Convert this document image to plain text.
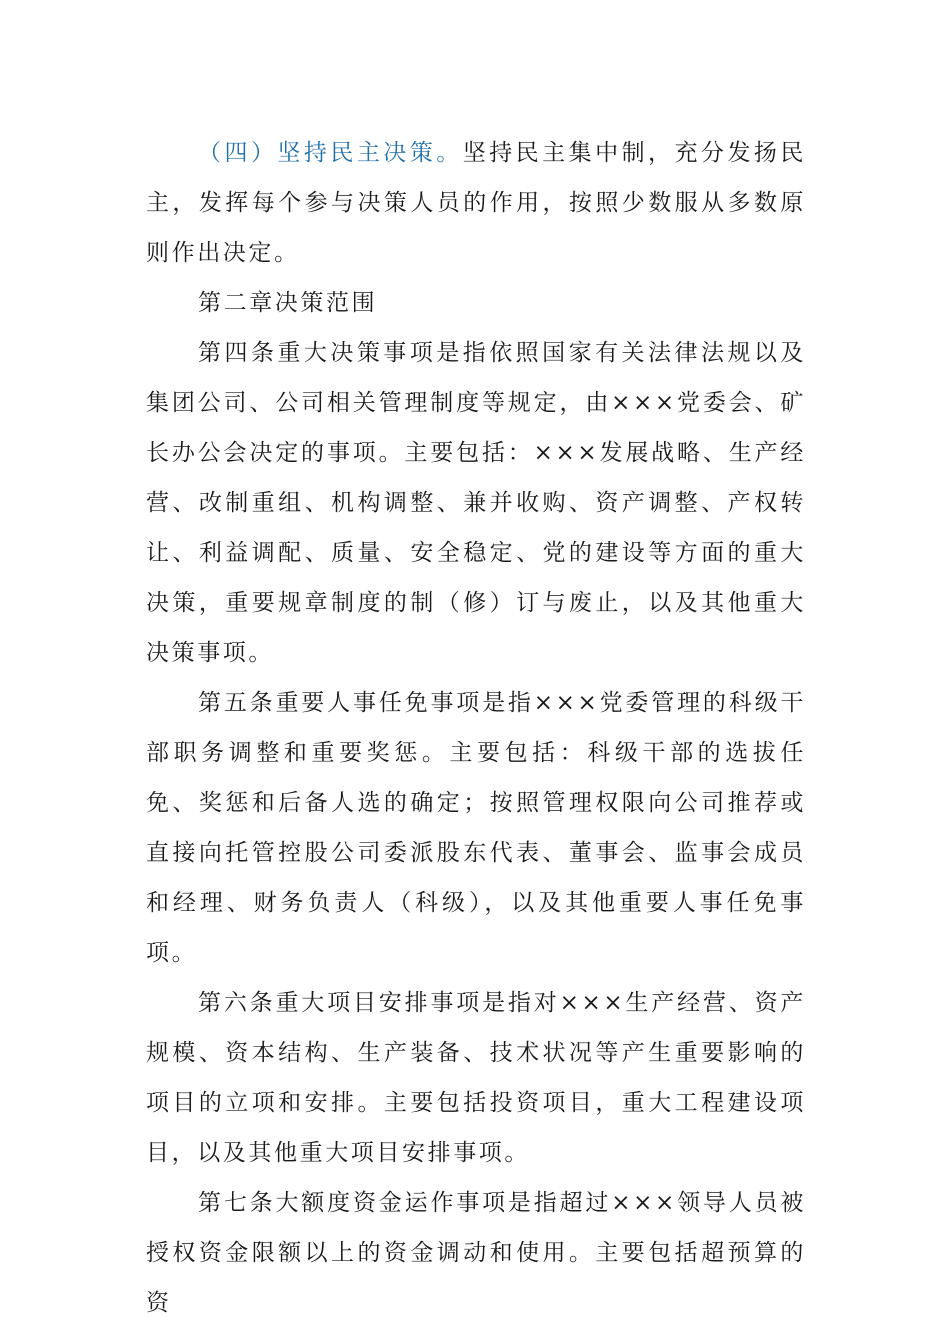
（四）坚持民主决策。坚持民主集中制，充分发扬民主，发挥每个参与决策人员的作用，按照少数服从多数原则作出决定。

第二章决策范围

第四条重大决策事项是指依照国家有关法律法规以及集团公司、公司相关管理制度等规定，由×××党委会、矿长办公会决定的事项。主要包括：×××发展战略、生产经营、改制重组、机构调整、兼并收购、资产调整、产权转让、利益调配、质量、安全稳定、党的建设等方面的重大决策，重要规章制度的制（修）订与废止，以及其他重大决策事项。

第五条重要人事任免事项是指×××党委管理的科级干部职务调整和重要奖惩。主要包括：科级干部的选拔任免、奖惩和后备人选的确定；按照管理权限向公司推荐或直接向托管控股公司委派股东代表、董事会、监事会成员和经理、财务负责人（科级），以及其他重要人事任免事项。

第六条重大项目安排事项是指对×××生产经营、资产规模、资本结构、生产装备、技术状况等产生重要影响的项目的立项和安排。主要包括投资项目，重大工程建设项目，以及其他重大项目安排事项。

第七条大额度资金运作事项是指超过×××领导人员被授权资金限额以上的资金调动和使用。主要包括超预算的资
